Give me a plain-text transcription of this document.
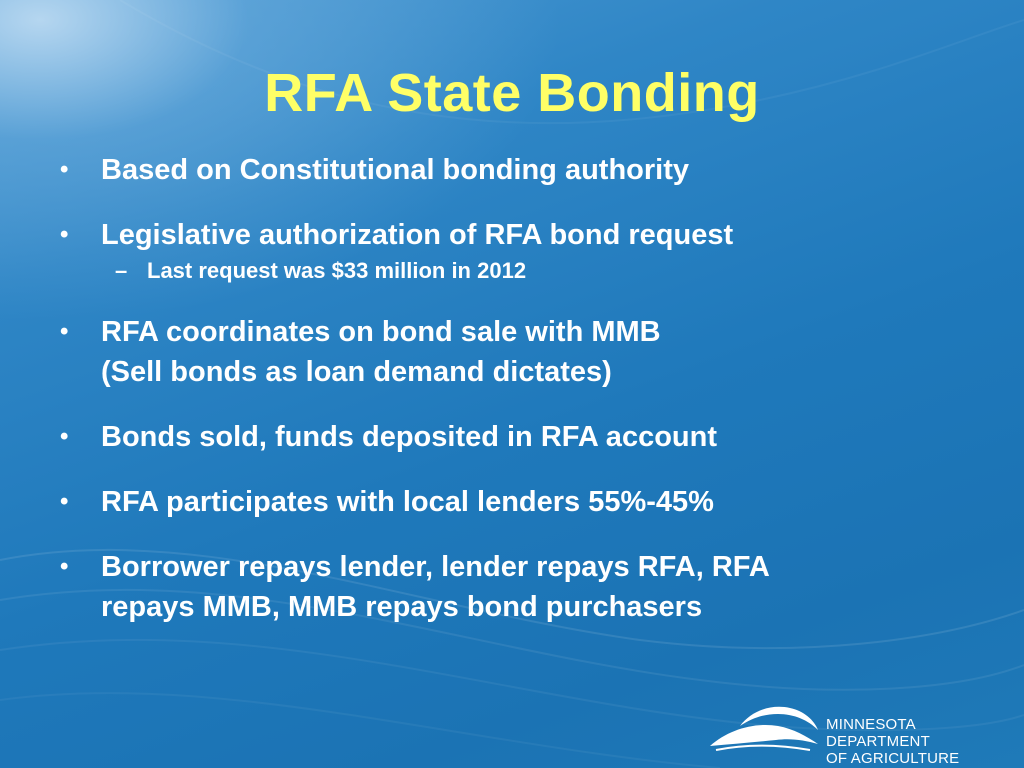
RFA State Bonding
• Based on Constitutional bonding authority
• Legislative authorization of RFA bond request
– Last request was $33 million in 2012
• RFA coordinates on bond sale with MMB
(Sell bonds as loan demand dictates)
• Bonds sold, funds deposited in RFA account
• RFA participates with local lenders 55%-45%
• Borrower repays lender, lender repays RFA, RFA
repays MMB, MMB repays bond purchasers
MINNESOTA DEPARTMENT
OF AGRICULTURE
